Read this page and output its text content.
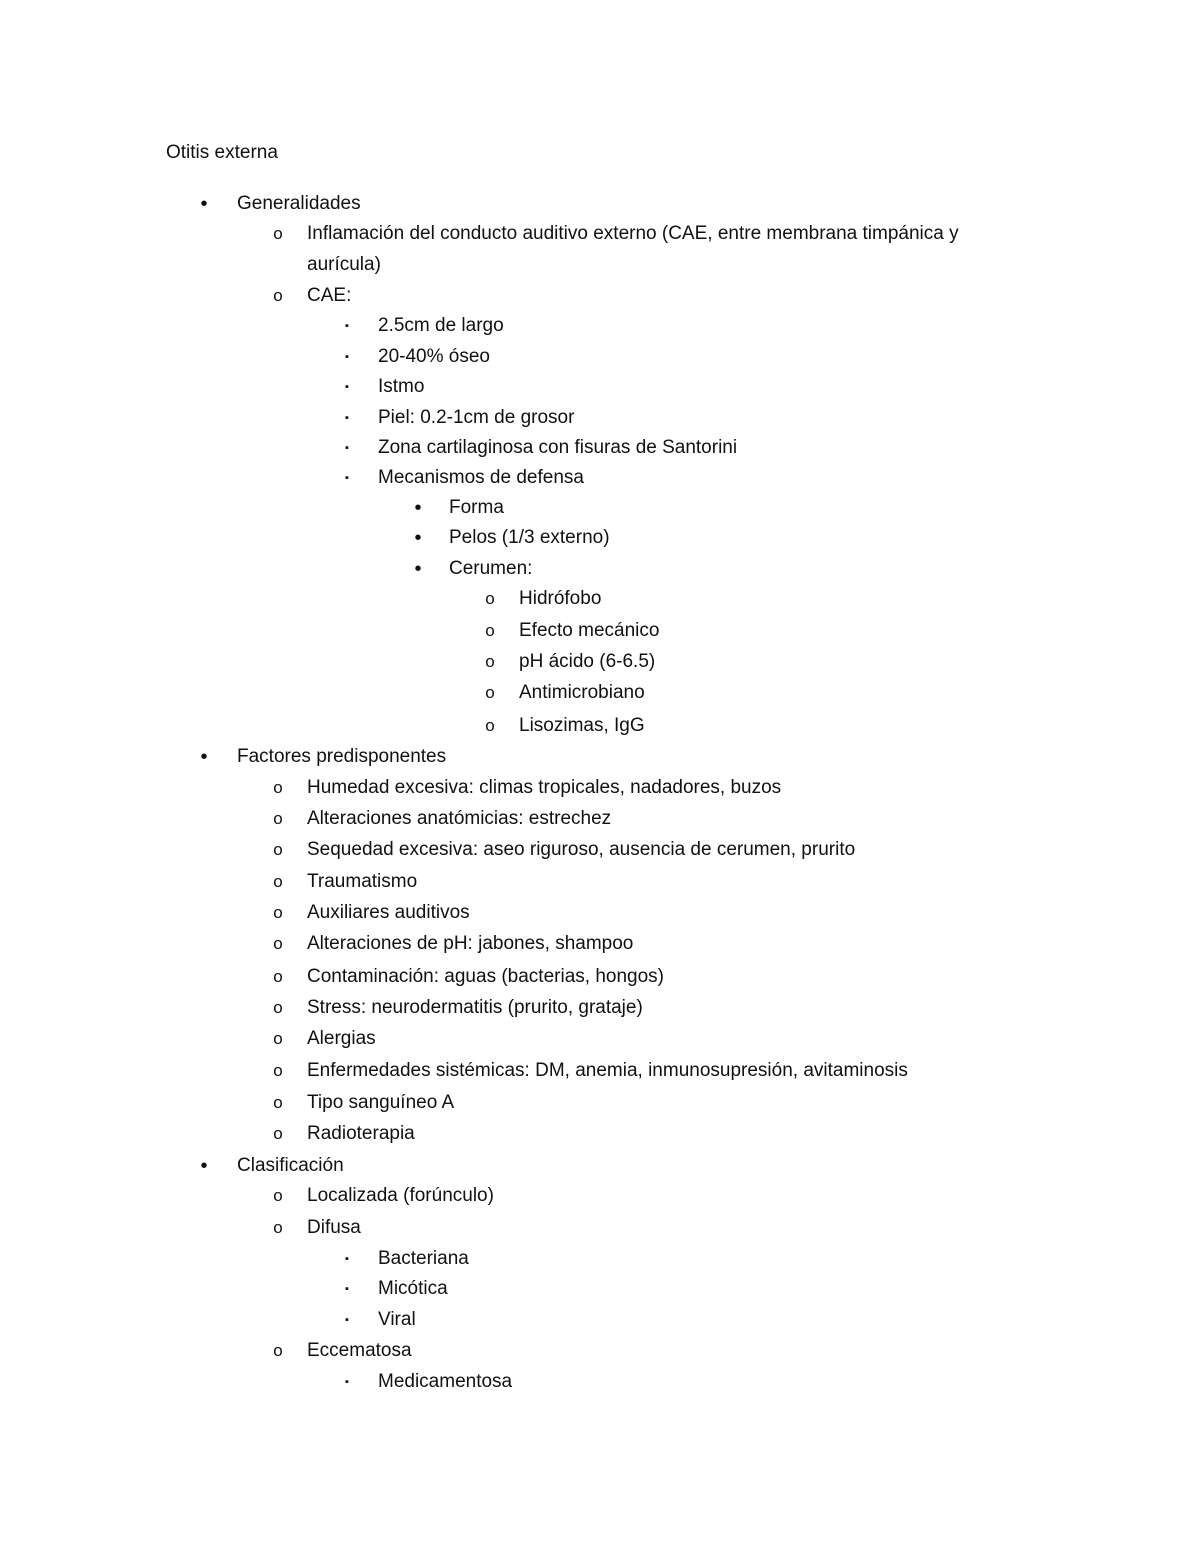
Otitis externa
• Generalidades
o Inflamación del conducto auditivo externo (CAE, entre membrana timpánica y
aurícula)
o CAE:
▪	2.5cm de largo
▪	20-40% óseo
▪	Istmo
▪	Piel: 0.2-1cm de grosor
▪	Zona cartilaginosa con fisuras de Santorini
▪	Mecanismos de defensa
• Forma
• Pelos (1/3 externo)
• Cerumen:
o Hidrófobo
o Efecto mecánico
o pH ácido (6-6.5)
o Antimicrobiano
o Lisozimas, IgG
• Factores predisponentes
o Humedad excesiva: climas tropicales, nadadores, buzos
o Alteraciones anatómicias: estrechez
o Sequedad excesiva: aseo riguroso, ausencia de cerumen, prurito
o Traumatismo
o Auxiliares auditivos
o Alteraciones de pH: jabones, shampoo
o Contaminación: aguas (bacterias, hongos)
o Stress: neurodermatitis (prurito, grataje)
o Alergias
o Enfermedades sistémicas: DM, anemia, inmunosupresión, avitaminosis
o Tipo sanguíneo A
o Radioterapia
• Clasificación
o Localizada (forúnculo)
o Difusa
▪	Bacteriana
▪	Micótica
▪	Viral
o Eccematosa
▪	Medicamentosa
